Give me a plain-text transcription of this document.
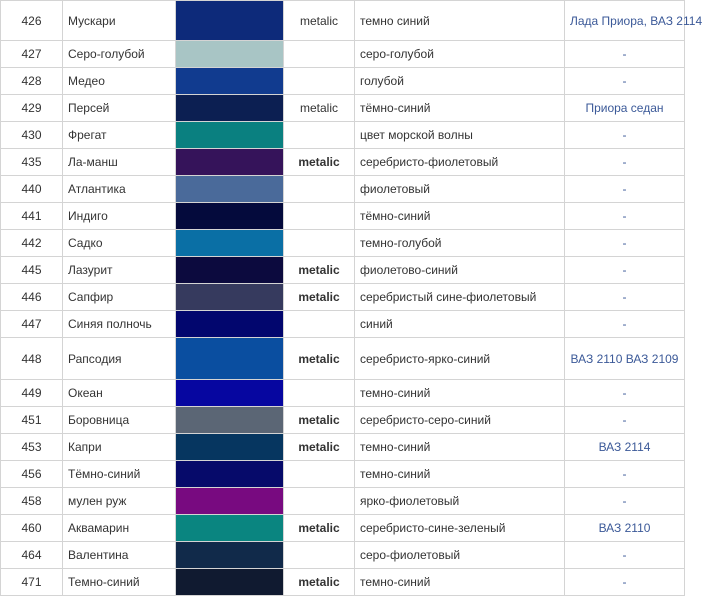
426	Мускари		metalic	темно синий	Лада Приора, ВАЗ 2114
427	Серо-голубой			серо-голубой	-
428	Медео			голубой	-
429	Персей		metalic	тёмно-синий	Приора седан
430	Фрегат			цвет морской волны	-
435	Ла-манш		metalic	серебристо-фиолетовый	-
440	Атлантика			фиолетовый	-
441	Индиго			тёмно-синий	-
442	Садко			темно-голубой	-
445	Лазурит		metalic	фиолетово-синий	-
446	Сапфир		metalic	серебристый сине-фиолетовый	-
447	Синяя полночь			синий	-
448	Рапсодия		metalic	серебристо-ярко-синий	ВАЗ 2110 ВАЗ 2109
449	Океан			темно-синий	-
451	Боровница		metalic	серебристо-серо-синий	-
453	Капри		metalic	темно-синий	ВАЗ 2114
456	Тёмно-синий			темно-синий	-
458	мулен руж			ярко-фиолетовый	-
460	Аквамарин		metalic	серебристо-сине-зеленый	ВАЗ 2110
464	Валентина			серо-фиолетовый	-
471	Темно-синий		metalic	темно-синий	-
